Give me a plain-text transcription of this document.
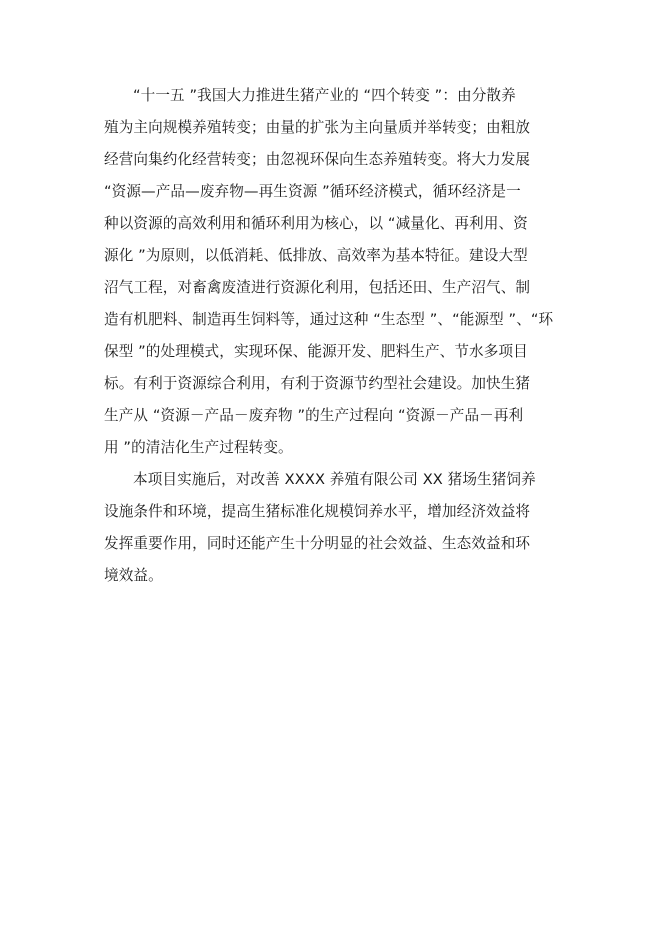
“十一五 ”我国大力推进生猪产业的 “四个转变 ”：由分散养
殖为主向规模养殖转变；由量的扩张为主向量质并举转变；由粗放
经营向集约化经营转变；由忽视环保向生态养殖转变。将大力发展
“资源—产品—废弃物—再生资源 ”循环经济模式，循环经济是一
种以资源的高效利用和循环利用为核心，以 “减量化、再利用、资
源化 ”为原则，以低消耗、低排放、高效率为基本特征。建设大型
沼气工程，对畜禽废渣进行资源化利用，包括还田、生产沼气、制
造有机肥料、制造再生饲料等，通过这种 “生态型 ”、“能源型 ”、“环
保型 ”的处理模式，实现环保、能源开发、肥料生产、节水多项目
标。有利于资源综合利用，有利于资源节约型社会建设。加快生猪
生产从 “资源－产品－废弃物 ”的生产过程向 “资源－产品－再利
用 ”的清洁化生产过程转变。
本项目实施后，对改善 XXXX 养殖有限公司 XX 猪场生猪饲养
设施条件和环境，提高生猪标准化规模饲养水平，增加经济效益将
发挥重要作用，同时还能产生十分明显的社会效益、生态效益和环
境效益。
